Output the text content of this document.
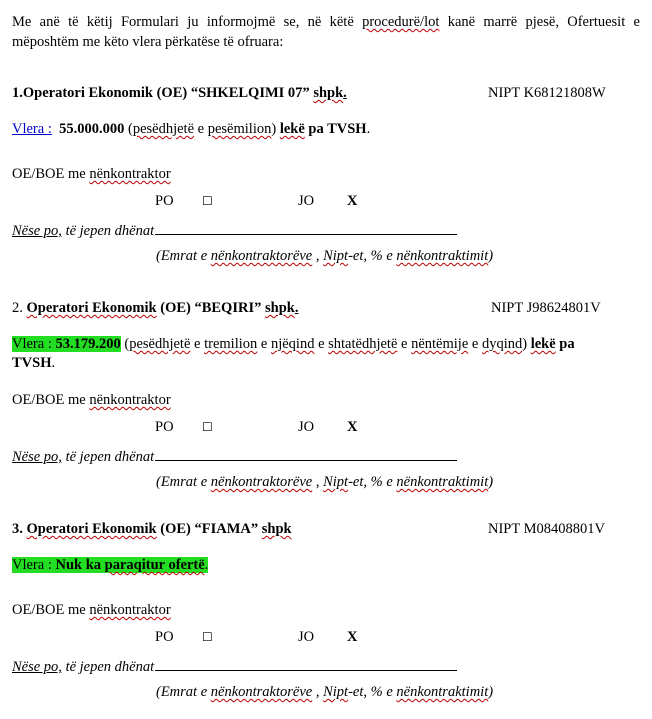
Me anë të këtij Formulari ju informojmë se, në këtë procedurë/lot kanë marrë pjesë, Ofertuesit e mëposhtëm me këto vlera përkatëse të ofruara:
1.Operatori Ekonomik (OE) “SHKELQIMI 07” shpk.	NIPT K68121808W
Vlera : 55.000.000 (pesëdhjetë e pesëmilion) lekë pa TVSH.
OE/BOE me nënkontraktor
PO ☐	JO X
Nëse po, të jepen dhënat
(Emrat e nënkontraktorëve , Nipt-et, % e nënkontraktimit)
2. Operatori Ekonomik (OE) “BEQIRI” shpk.	NIPT J98624801V
Vlera : 53.179.200 (pesëdhjetë e tremilion e njëqind e shtatëdhjetë e nëntëmije e dyqind) lekë pa
TVSH.
OE/BOE me nënkontraktor
PO ☐	JO X
Nëse po, të jepen dhënat
(Emrat e nënkontraktorëve , Nipt-et, % e nënkontraktimit)
3. Operatori Ekonomik (OE) “FIAMA” shpk	NIPT M08408801V
Vlera : Nuk ka paraqitur ofertë.
OE/BOE me nënkontraktor
PO ☐	JO X
Nëse po, të jepen dhënat
(Emrat e nënkontraktorëve , Nipt-et, % e nënkontraktimit)
